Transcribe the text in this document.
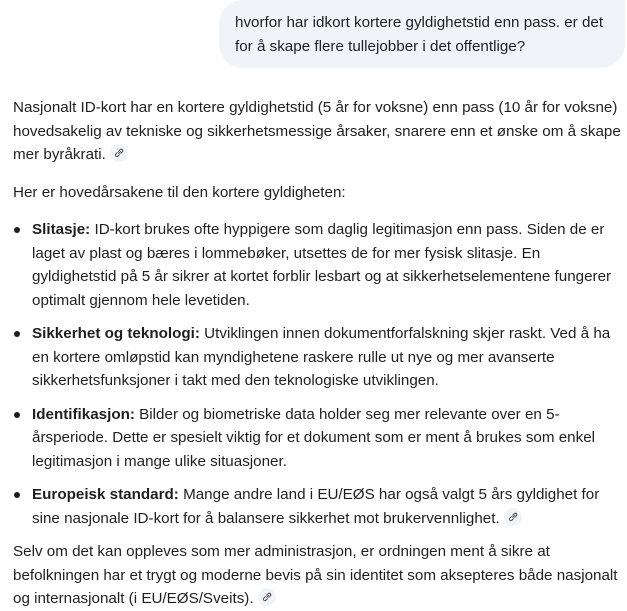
hvorfor har idkort kortere gyldighetstid enn pass. er det for å skape flere tullejobber i det offentlige?

Nasjonalt ID-kort har en kortere gyldighetstid (5 år for voksne) enn pass (10 år for voksne) hovedsakelig av tekniske og sikkerhetsmessige årsaker, snarere enn et ønske om å skape mer byråkrati.

Her er hovedårsakene til den kortere gyldigheten:

Slitasje: ID-kort brukes ofte hyppigere som daglig legitimasjon enn pass. Siden de er laget av plast og bæres i lommebøker, utsettes de for mer fysisk slitasje. En gyldighetstid på 5 år sikrer at kortet forblir lesbart og at sikkerhetselementene fungerer optimalt gjennom hele levetiden.
Sikkerhet og teknologi: Utviklingen innen dokumentforfalskning skjer raskt. Ved å ha en kortere omløpstid kan myndighetene raskere rulle ut nye og mer avanserte sikkerhetsfunksjoner i takt med den teknologiske utviklingen.
Identifikasjon: Bilder og biometriske data holder seg mer relevante over en 5-årsperiode. Dette er spesielt viktig for et dokument som er ment å brukes som enkel legitimasjon i mange ulike situasjoner.
Europeisk standard: Mange andre land i EU/EØS har også valgt 5 års gyldighet for sine nasjonale ID-kort for å balansere sikkerhet mot brukervennlighet.

Selv om det kan oppleves som mer administrasjon, er ordningen ment å sikre at befolkningen har et trygt og moderne bevis på sin identitet som aksepteres både nasjonalt og internasjonalt (i EU/EØS/Sveits).
